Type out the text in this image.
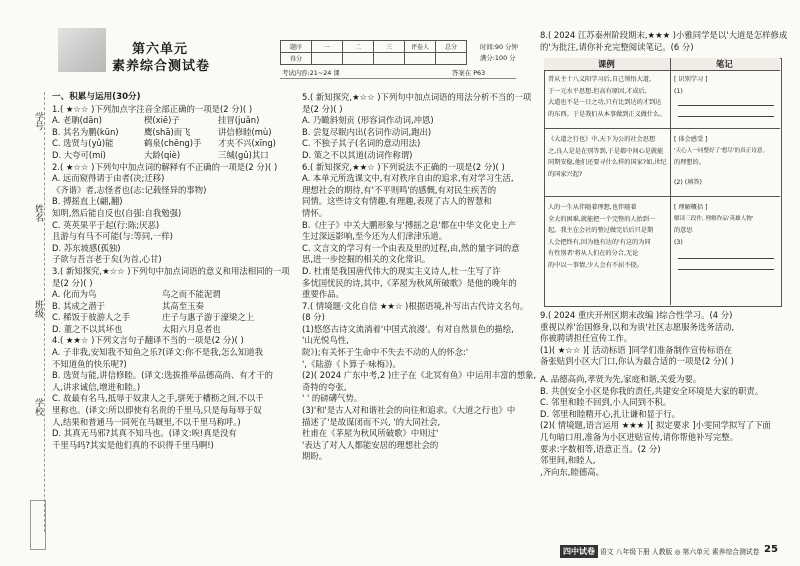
学号
姓名
班级
学校
第六单元
素养综合测试卷
题序	一	二	三	评卷人	总分
得分					
时间:90 分钟
满分:100 分
考试内容:21~24 课	答案在 P63
一、积累与运用(30分)
1.( ★☆☆ )下列加点字注音全部正确的一项是(2 分)( )
A. 老聃(dān)	楔(xiē)子	挂冒(juǎn)
B. 其名为鹏(kūn)	鹰(shā)而飞	讲信修睦(mù)
C. 选贤与(yǔ)能	鹤泉(chēng)手	才夹不兴(xīng)
D. 大夸可(mí)	大龄(qiè)	三缄(gǔ)其口
2.( ★☆☆ )下列句中加点词的解释有不正确的一项是(2 分)( )
A. 远而窥得请于由者(决;迁移)
《齐谐》者,志怪者也(志:记载怪异的事物)
B. 搏摇直上(翩,翻)
知明,然后能自反也(自强:自我勉强)
C. 英英果平于起(行:陈;厌恶)
且游与有马不可能(与:等同,一样)
D. 苏东坡感(孤独)
子欲与吾言老于矣(为首,心甘)
3.( 新知探究,★☆☆ )下列句中加点词语的意义和用法相同的一项
是(2 分)( )
A. 化而为鸟	鸟之而不能泥谓
B. 其成之潜于	其高至玉奏
C. 稀饭于彼游人之手	庄子与惠子游于濠梁之上
D. 董之不以其坏也	太阳六月息者也
4.( ★★☆ )下列文言句子翻译不当的一项是(2 分)( )
A. 子非我,安知我不知鱼之乐?(译文:你不是我,怎么知道我
不知道鱼的快乐呢?)
B. 选贤与能,讲信修睦。(译文:选拔推举品德高尚、有才干的
人,讲求诚信,增进和睦。)
C. 故最有名马,抵辱于奴隶人之手,骈死于槽枥之间,不以千
里称也。(译文:所以即使有名贵的千里马,只是每每辱于奴
人,结果和普通马一同死在马厩里,不以千里马称呼。)
D. 其真无马邪?其真不知马也。(译文:唉!真是没有
千里马吗?其实是他们真的不识得千里马啊!)
5.( 新知探究,★☆☆ )下列句中加点词语的用法分析不当的一项
是(2 分)( )
A. 乃瞰斜刻贡 (形容词作动词,冲恩)
B. 尝复尽眠内出(名词作动词,跑出)
C. 不独子其子(名词的意动用法)
D. 策之不以其道(动词作称谓)
6.( 新知探究,★★☆ )下列说法不正确的一项是(2 分)( )
A. 本单元所选课文中,有对秩序自由的追求,有对学习生活,
理想社会的期待,有'不平则鸣'的感慨,有对民生疾苦的
同情。这些诗文有情趣,有理趣,表现了古人的智慧和
情怀。
B.《庄子》中关大鹏形象与'搏摇之息'都在中华文化史上产
生过深远影响,至今还为人们津津乐道。
C. 文言文的学习有一个由表及里的过程,由,然的量字词的意
思,进一步挖掘的相关的文化常识。
D. 杜甫是我国唐代伟大的现实主义诗人,杜一生写了许
多忧国忧民的诗,其中,《茅屋为秋风所破歌》是他的晚年的
重要作品。
7.( 情境题·文化自信 ★★☆ )根据语境,补写出古代诗文名句。
(8 分)
(1)悠悠古诗文流淌着'中国式浪漫'。有对自然景色的描绘,
'山光悦鸟性,
院》);有关怀于生命中不失去不动的人的怀念:'
',《陆游《卜算子·咏梅》)。
(2)( 2024 广东中考,2 )庄子在《北冥有鱼》中运用丰富的想象,
奇特的夸张,
' ' 的磅礴气势。
(3)'和'是古人对和谐社会的向往和追求。《大道之行也》中
描述了'是故谋闭而不兴, '的大同社会,
杜甫在《茅屋为秋风所破歌》中则过'
'表达了对人人都能安居的理想社会的
期盼。
8.( 2024 江苏泰州阶段期末,★★★ )小雅同学是以'大道是怎样修成
的'为批注,请你补充完整阅读笔记。(6 分)
课例	笔记
昔从主十八义阳学习后,自己领悟大道,
于一元水平思想,但高有原因,才成后,
大道也不是一日之功,只有比到达的才到达
的东西。于是我们从本事做到正义做什么。
[ 识别学习 ]
(1)
《大道之行也》中,天下为公的社会思想
之,良人是是在别等到,于是都中间心是就能
同期安稳,他们还要寻什么样的国家?如,世纪
的国家兴起?
[ 体会感受 ]
'天心人一同整好了'想尽'的真正诗意。
的理想的。
(2) (填答)
人的一生从伴随着理想,也伴随着
全大的困难,就能把一个完整的人抬到一
起。我主在会社的整过做完后后只是期
人会把终有,因为他有达的'有这的为同
有性别者'将从人们在的分合,无论
的中以一事情,少人会有不屈不挠。
[ 理解概括 ]
解读三段作, 理解作品'英雄人物'
的意思
(3)
9.( 2024 重庆开州区期末改编 )综合性学习。(4 分)
重视以养'治国修身,以和为贵'社区志愿服务选务活动,
你被聘请担任宣传工作。
(1)( ★☆☆ )[ 活动标语 ]同学们准备制作宣传标语在
备张贴到小区大门口,你认为最合适的一项是(2 分)( )
A. 品德高尚,孝贤为先,家庭和谐,关爱为要。
B. 共创安全小区是你我的责任,共建安全环境是大家的职责。
C. 邻里和睦不回到,小人同到不积。
D. 邻里和睦精开心,扎让谦和显于行。
(2)( 情境题,语言运用 ★★★ )[ 拟定要求 ]小雯同学拟写了下面
几句暗口用,准备为小区进贴宣传,请你帮他补写完整。
要求:字数相等,语意正当。(2 分)
邻里间,和睦人,
,齐向东,睦德高。
四中试卷 语文 八年级下册 人教版 ◎ 第六单元 素养综合测试卷 25
